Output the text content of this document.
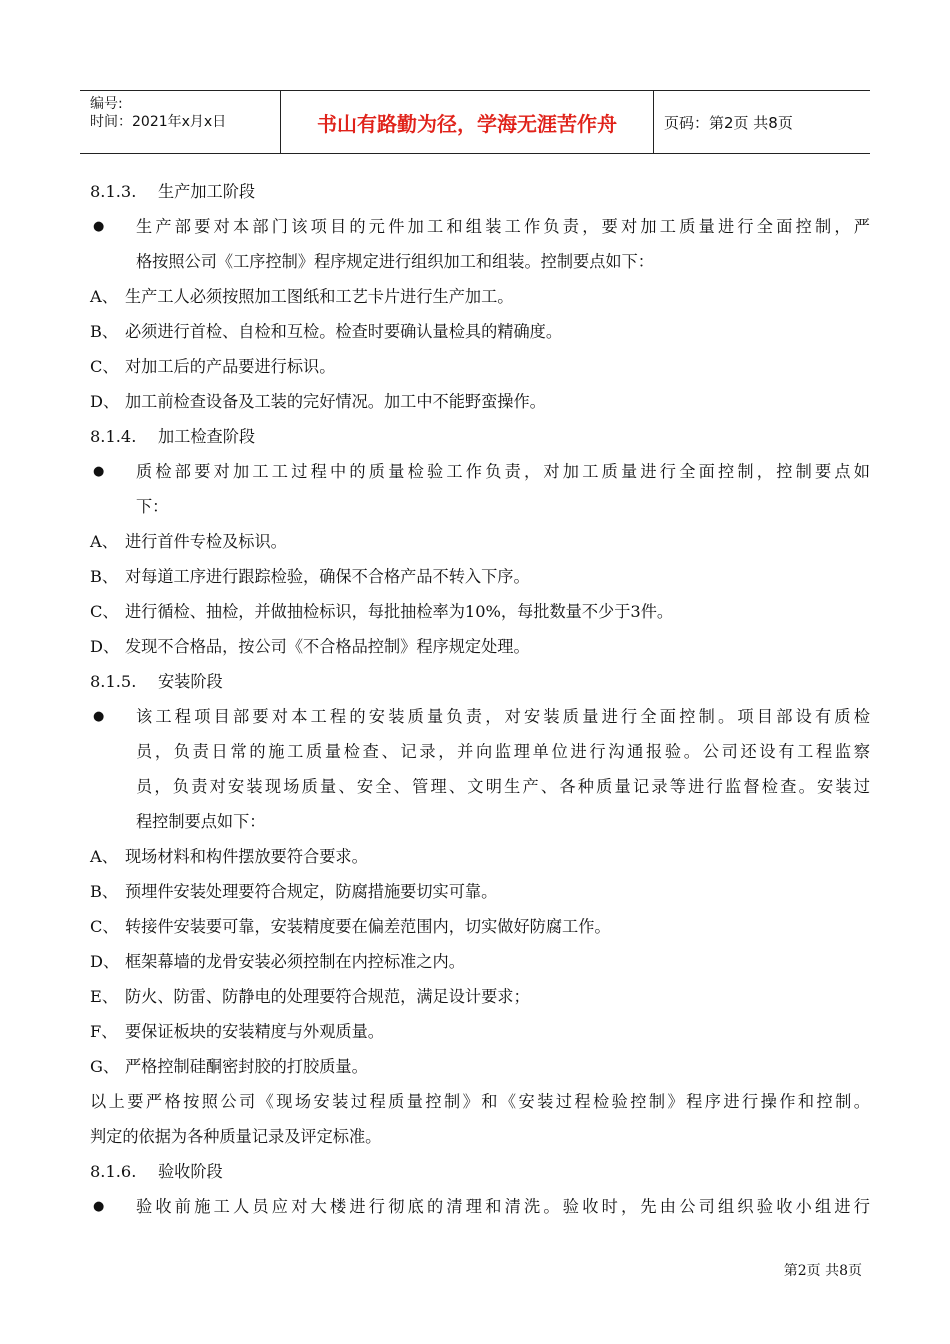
编号:
时间：2021年x月x日	书山有路勤为径，学海无涯苦作舟	页码：第2页 共8页
8.1.3.	生产加工阶段
● 生产部要对本部门该项目的元件加工和组装工作负责，要对加工质量进行全面控制，严
格按照公司《工序控制》程序规定进行组织加工和组装。控制要点如下：
A、 生产工人必须按照加工图纸和工艺卡片进行生产加工。
B、 必须进行首检、自检和互检。检查时要确认量检具的精确度。
C、 对加工后的产品要进行标识。
D、 加工前检查设备及工装的完好情况。加工中不能野蛮操作。
8.1.4.	加工检查阶段
● 质检部要对加工工过程中的质量检验工作负责，对加工质量进行全面控制，控制要点如
下：
A、 进行首件专检及标识。
B、 对每道工序进行跟踪检验，确保不合格产品不转入下序。
C、 进行循检、抽检，并做抽检标识，每批抽检率为10%，每批数量不少于3件。
D、 发现不合格品，按公司《不合格品控制》程序规定处理。
8.1.5.	安装阶段
● 该工程项目部要对本工程的安装质量负责，对安装质量进行全面控制。项目部设有质检
员，负责日常的施工质量检查、记录，并向监理单位进行沟通报验。公司还设有工程监察
员，负责对安装现场质量、安全、管理、文明生产、各种质量记录等进行监督检查。安装过
程控制要点如下：
A、 现场材料和构件摆放要符合要求。
B、 预埋件安装处理要符合规定，防腐措施要切实可靠。
C、 转接件安装要可靠，安装精度要在偏差范围内，切实做好防腐工作。
D、 框架幕墙的龙骨安装必须控制在内控标准之内。
E、 防火、防雷、防静电的处理要符合规范，满足设计要求；
F、 要保证板块的安装精度与外观质量。
G、 严格控制硅酮密封胶的打胶质量。
以上要严格按照公司《现场安装过程质量控制》和《安装过程检验控制》程序进行操作和控制。
判定的依据为各种质量记录及评定标准。
8.1.6.	验收阶段
● 验收前施工人员应对大楼进行彻底的清理和清洗。验收时，先由公司组织验收小组进行
第2页 共8页
